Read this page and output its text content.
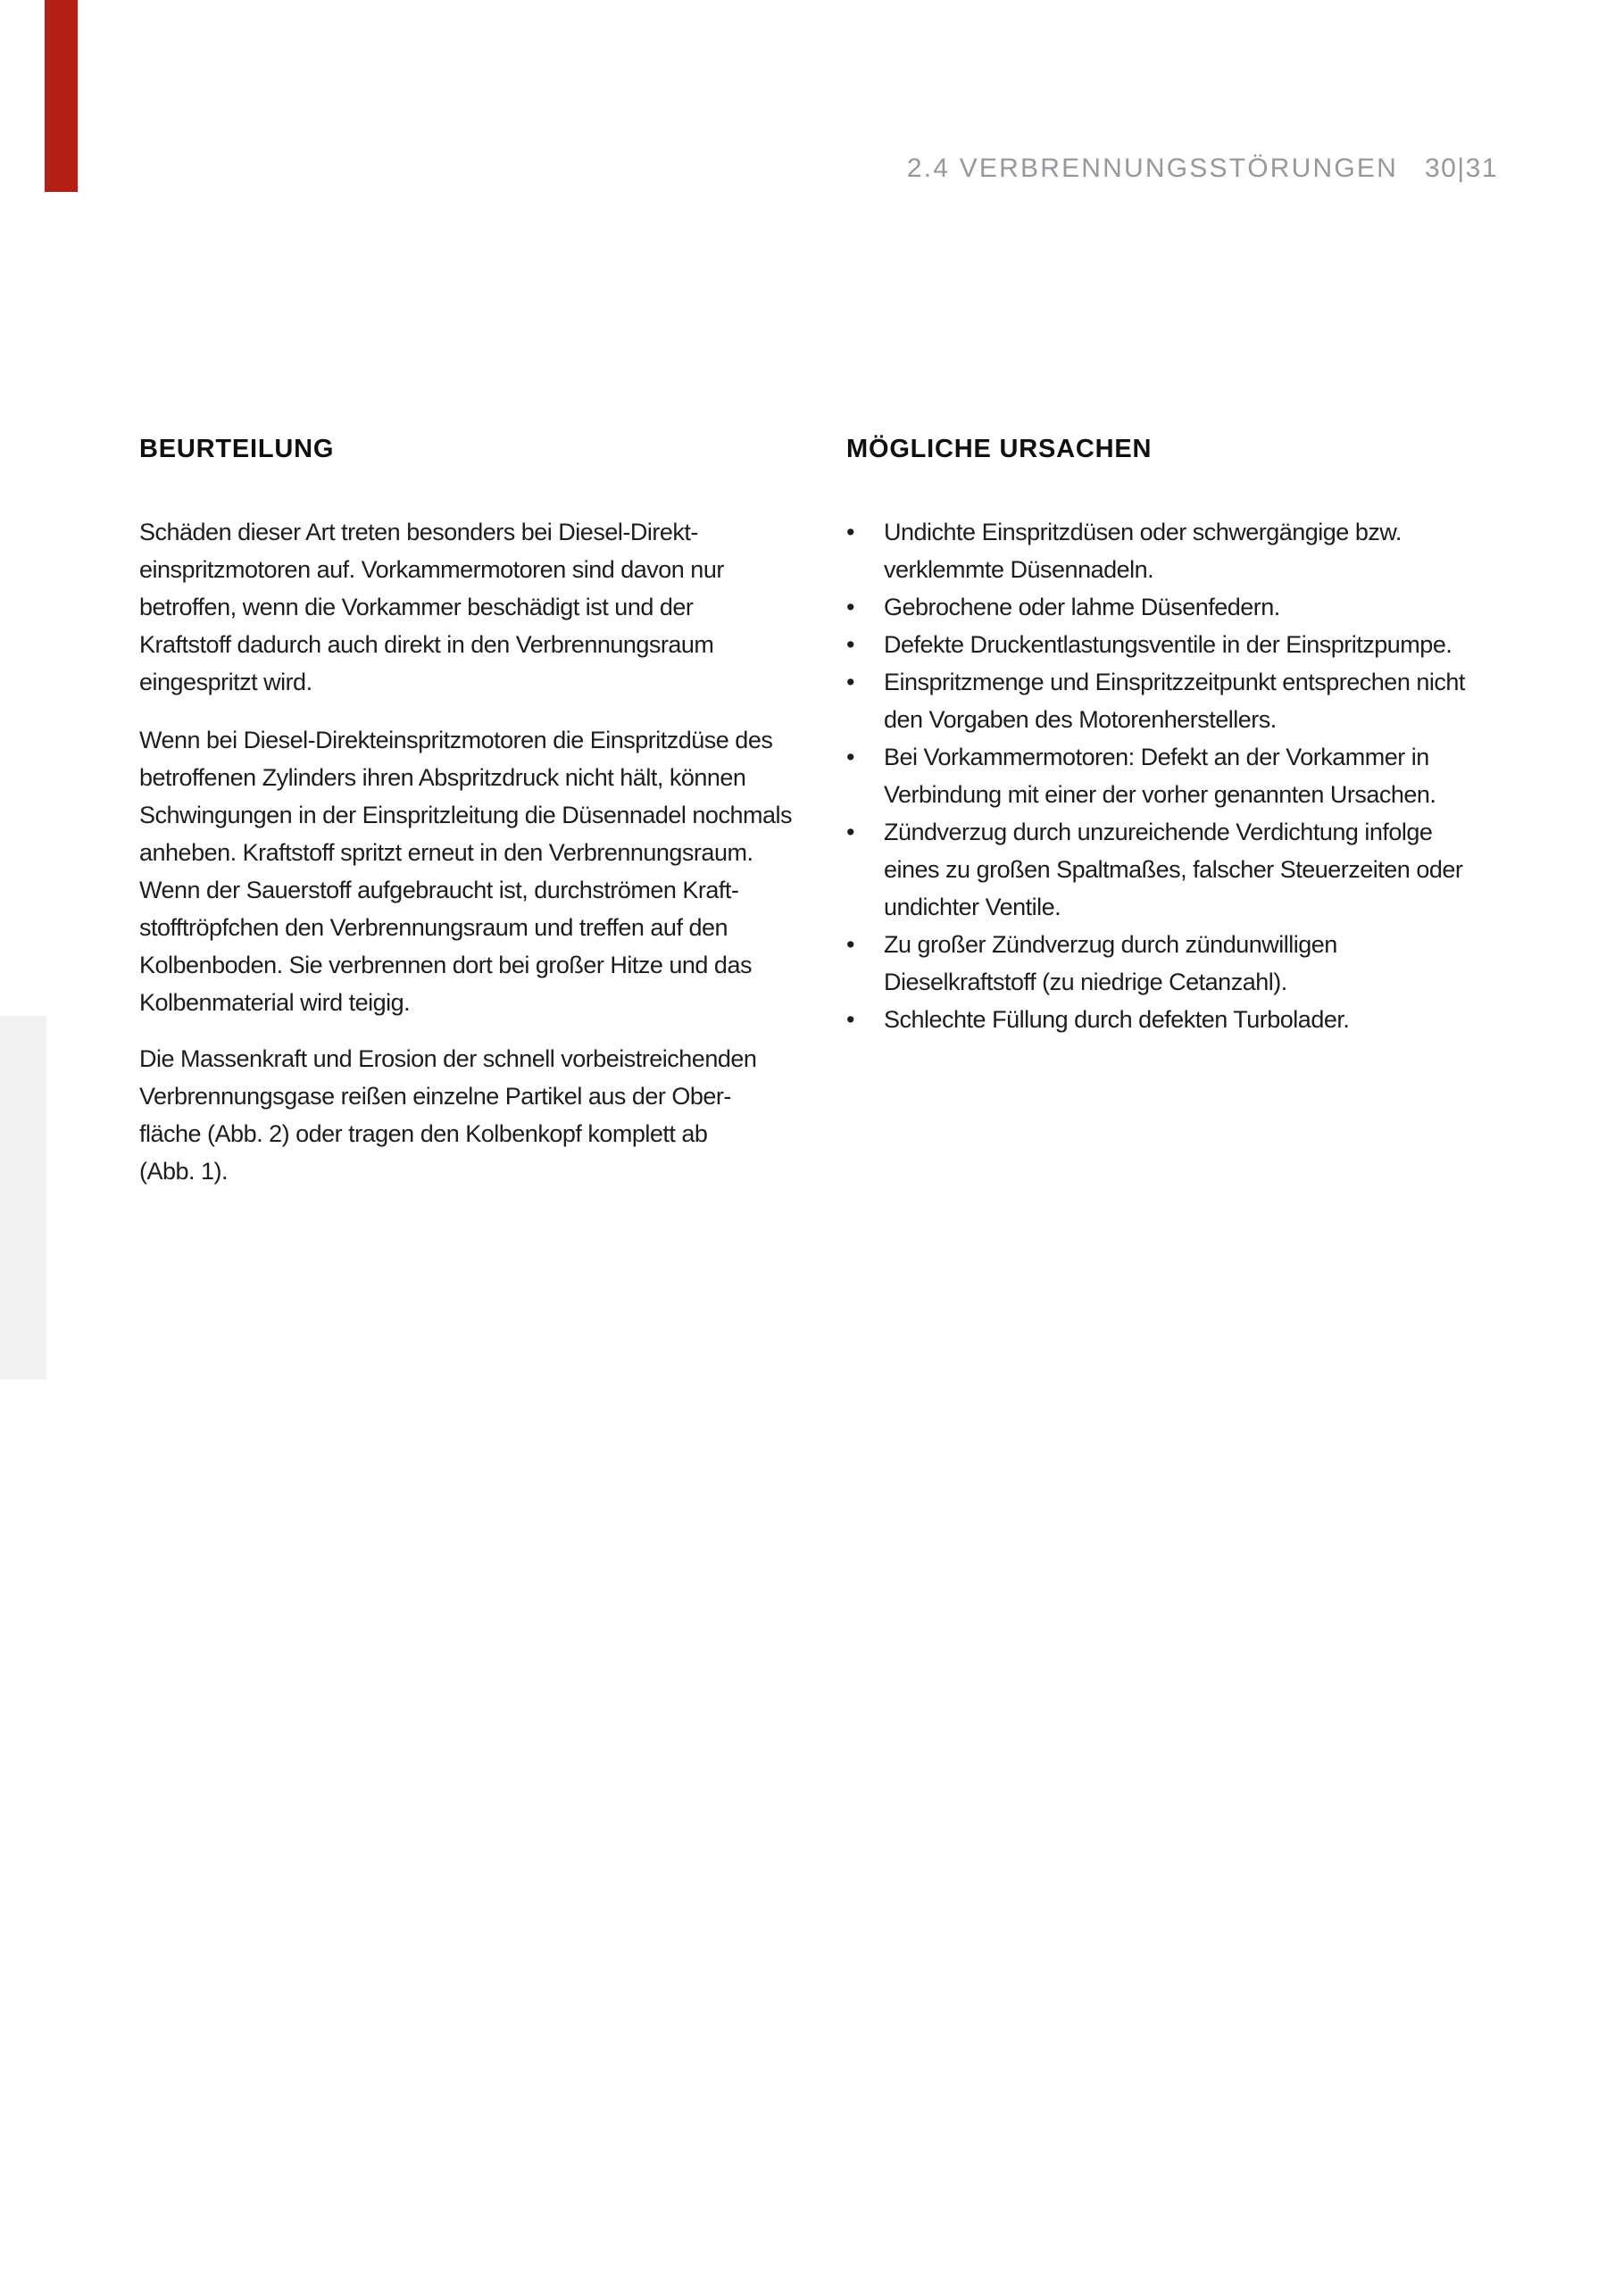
2.4 VERBRENNUNGSSTÖRUNGEN 30|31
BEURTEILUNG	MÖGLICHE URSACHEN
Schäden dieser Art treten besonders bei Diesel-Direkt-
einspritzmotoren auf. Vorkammermotoren sind davon nur
betroffen, wenn die Vorkammer beschädigt ist und der
Kraftstoff dadurch auch direkt in den Verbrennungsraum
eingespritzt wird.
Wenn bei Diesel-Direkteinspritzmotoren die Einspritzdüse des
betroffenen Zylinders ihren Abspritzdruck nicht hält, können
Schwingungen in der Einspritzleitung die Düsennadel nochmals
anheben. Kraftstoff spritzt erneut in den Verbrennungsraum.
Wenn der Sauerstoff aufgebraucht ist, durchströmen Kraft-
stofftröpfchen den Verbrennungsraum und treffen auf den
Kolbenboden. Sie verbrennen dort bei großer Hitze und das
Kolbenmaterial wird teigig.
Die Massenkraft und Erosion der schnell vorbeistreichenden
Verbrennungsgase reißen einzelne Partikel aus der Ober-
fläche (Abb. 2) oder tragen den Kolbenkopf komplett ab
(Abb. 1).
•	Undichte Einspritzdüsen oder schwergängige bzw.
verklemmte Düsennadeln.
•	Gebrochene oder lahme Düsenfedern.
•	Defekte Druckentlastungsventile in der Einspritzpumpe.
•	Einspritzmenge und Einspritzzeitpunkt entsprechen nicht
den Vorgaben des Motorenherstellers.
•	Bei Vorkammermotoren: Defekt an der Vorkammer in
Verbindung mit einer der vorher genannten Ursachen.
•	Zündverzug durch unzureichende Verdichtung infolge
eines zu großen Spaltmaßes, falscher Steuerzeiten oder
undichter Ventile.
•	Zu großer Zündverzug durch zündunwilligen
Dieselkraftstoff (zu niedrige Cetanzahl).
•	Schlechte Füllung durch defekten Turbolader.
